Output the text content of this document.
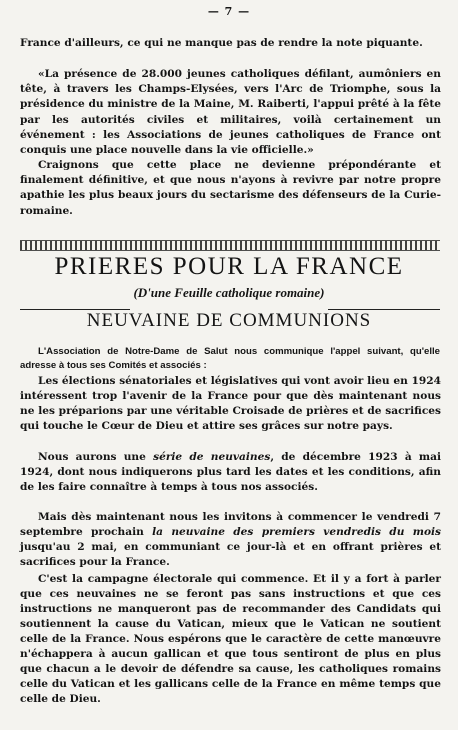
— 7 —

France d'ailleurs, ce qui ne manque pas de rendre la note piquante.

«La présence de 28.000 jeunes catholiques défilant, aumôniers en tête, à travers les Champs-Elysées, vers l'Arc de Triomphe, sous la présidence du ministre de la Maine, M. Raiberti, l'appui prêté à la fête par les autorités civiles et militaires, voilà certainement un événement : les Associations de jeunes catholiques de France ont conquis une place nouvelle dans la vie officielle.»

Craignons que cette place ne devienne prépondérante et finalement définitive, et que nous n'ayons à revivre par notre propre apathie les plus beaux jours du sectarisme des défenseurs de la Curie-romaine.

PRIERES POUR LA FRANCE
(D'une Feuille catholique romaine)
NEUVAINE DE COMMUNIONS

L'Association de Notre-Dame de Salut nous communique l'appel suivant, qu'elle adresse à tous ses Comités et associés :

Les élections sénatoriales et législatives qui vont avoir lieu en 1924 intéressent trop l'avenir de la France pour que dès maintenant nous ne les préparions par une véritable Croisade de prières et de sacrifices qui touche le Cœur de Dieu et attire ses grâces sur notre pays.

Nous aurons une série de neuvaines, de décembre 1923 à mai 1924, dont nous indiquerons plus tard les dates et les conditions, afin de les faire connaître à temps à tous nos associés.

Mais dès maintenant nous les invitons à commencer le vendredi 7 septembre prochain la neuvaine des premiers vendredis du mois jusqu'au 2 mai, en communiant ce jour-là et en offrant prières et sacrifices pour la France.

C'est la campagne électorale qui commence. Et il y a fort à parler que ces neuvaines ne se feront pas sans instructions et que ces instructions ne manqueront pas de recommander des Candidats qui soutiennent la cause du Vatican, mieux que le Vatican ne soutient celle de la France. Nous espérons que le caractère de cette manœuvre n'échappera à aucun gallican et que tous sentiront de plus en plus que chacun a le devoir de défendre sa cause, les catholiques romains celle du Vatican et les gallicans celle de la France en même temps que celle de Dieu.
